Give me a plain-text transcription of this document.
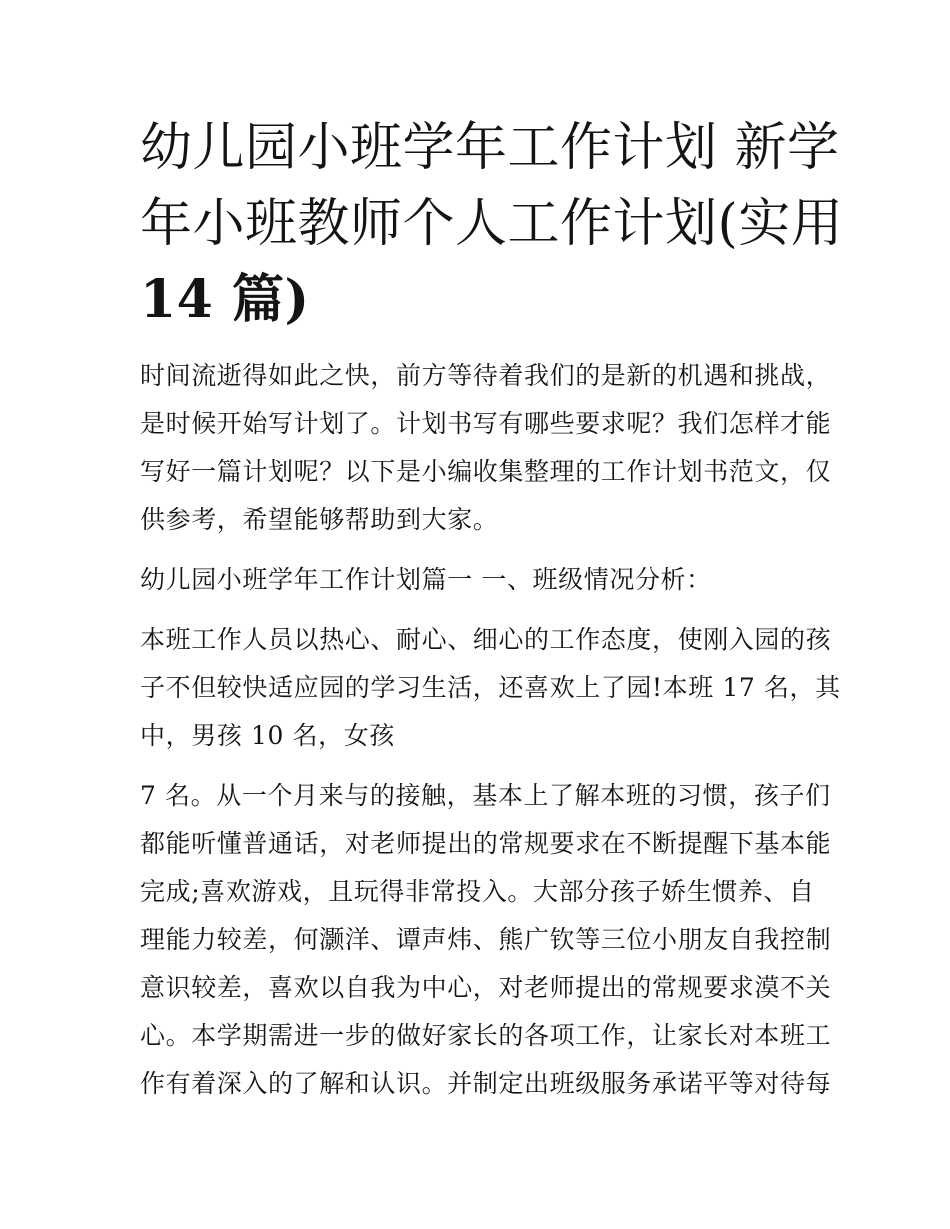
幼儿园小班学年工作计划 新学
年小班教师个人工作计划(实用
14 篇)
时间流逝得如此之快，前方等待着我们的是新的机遇和挑战，
是时候开始写计划了。计划书写有哪些要求呢？我们怎样才能
写好一篇计划呢？以下是小编收集整理的工作计划书范文，仅
供参考，希望能够帮助到大家。
幼儿园小班学年工作计划篇一 一、班级情况分析：
本班工作人员以热心、耐心、细心的工作态度，使刚入园的孩
子不但较快适应园的学习生活，还喜欢上了园!本班 17 名，其
中，男孩 10 名，女孩
7 名。从一个月来与的接触，基本上了解本班的习惯，孩子们
都能听懂普通话，对老师提出的常规要求在不断提醒下基本能
完成;喜欢游戏，且玩得非常投入。大部分孩子娇生惯养、自
理能力较差，何灏洋、谭声炜、熊广钦等三位小朋友自我控制
意识较差，喜欢以自我为中心，对老师提出的常规要求漠不关
心。本学期需进一步的做好家长的各项工作，让家长对本班工
作有着深入的了解和认识。并制定出班级服务承诺平等对待每
